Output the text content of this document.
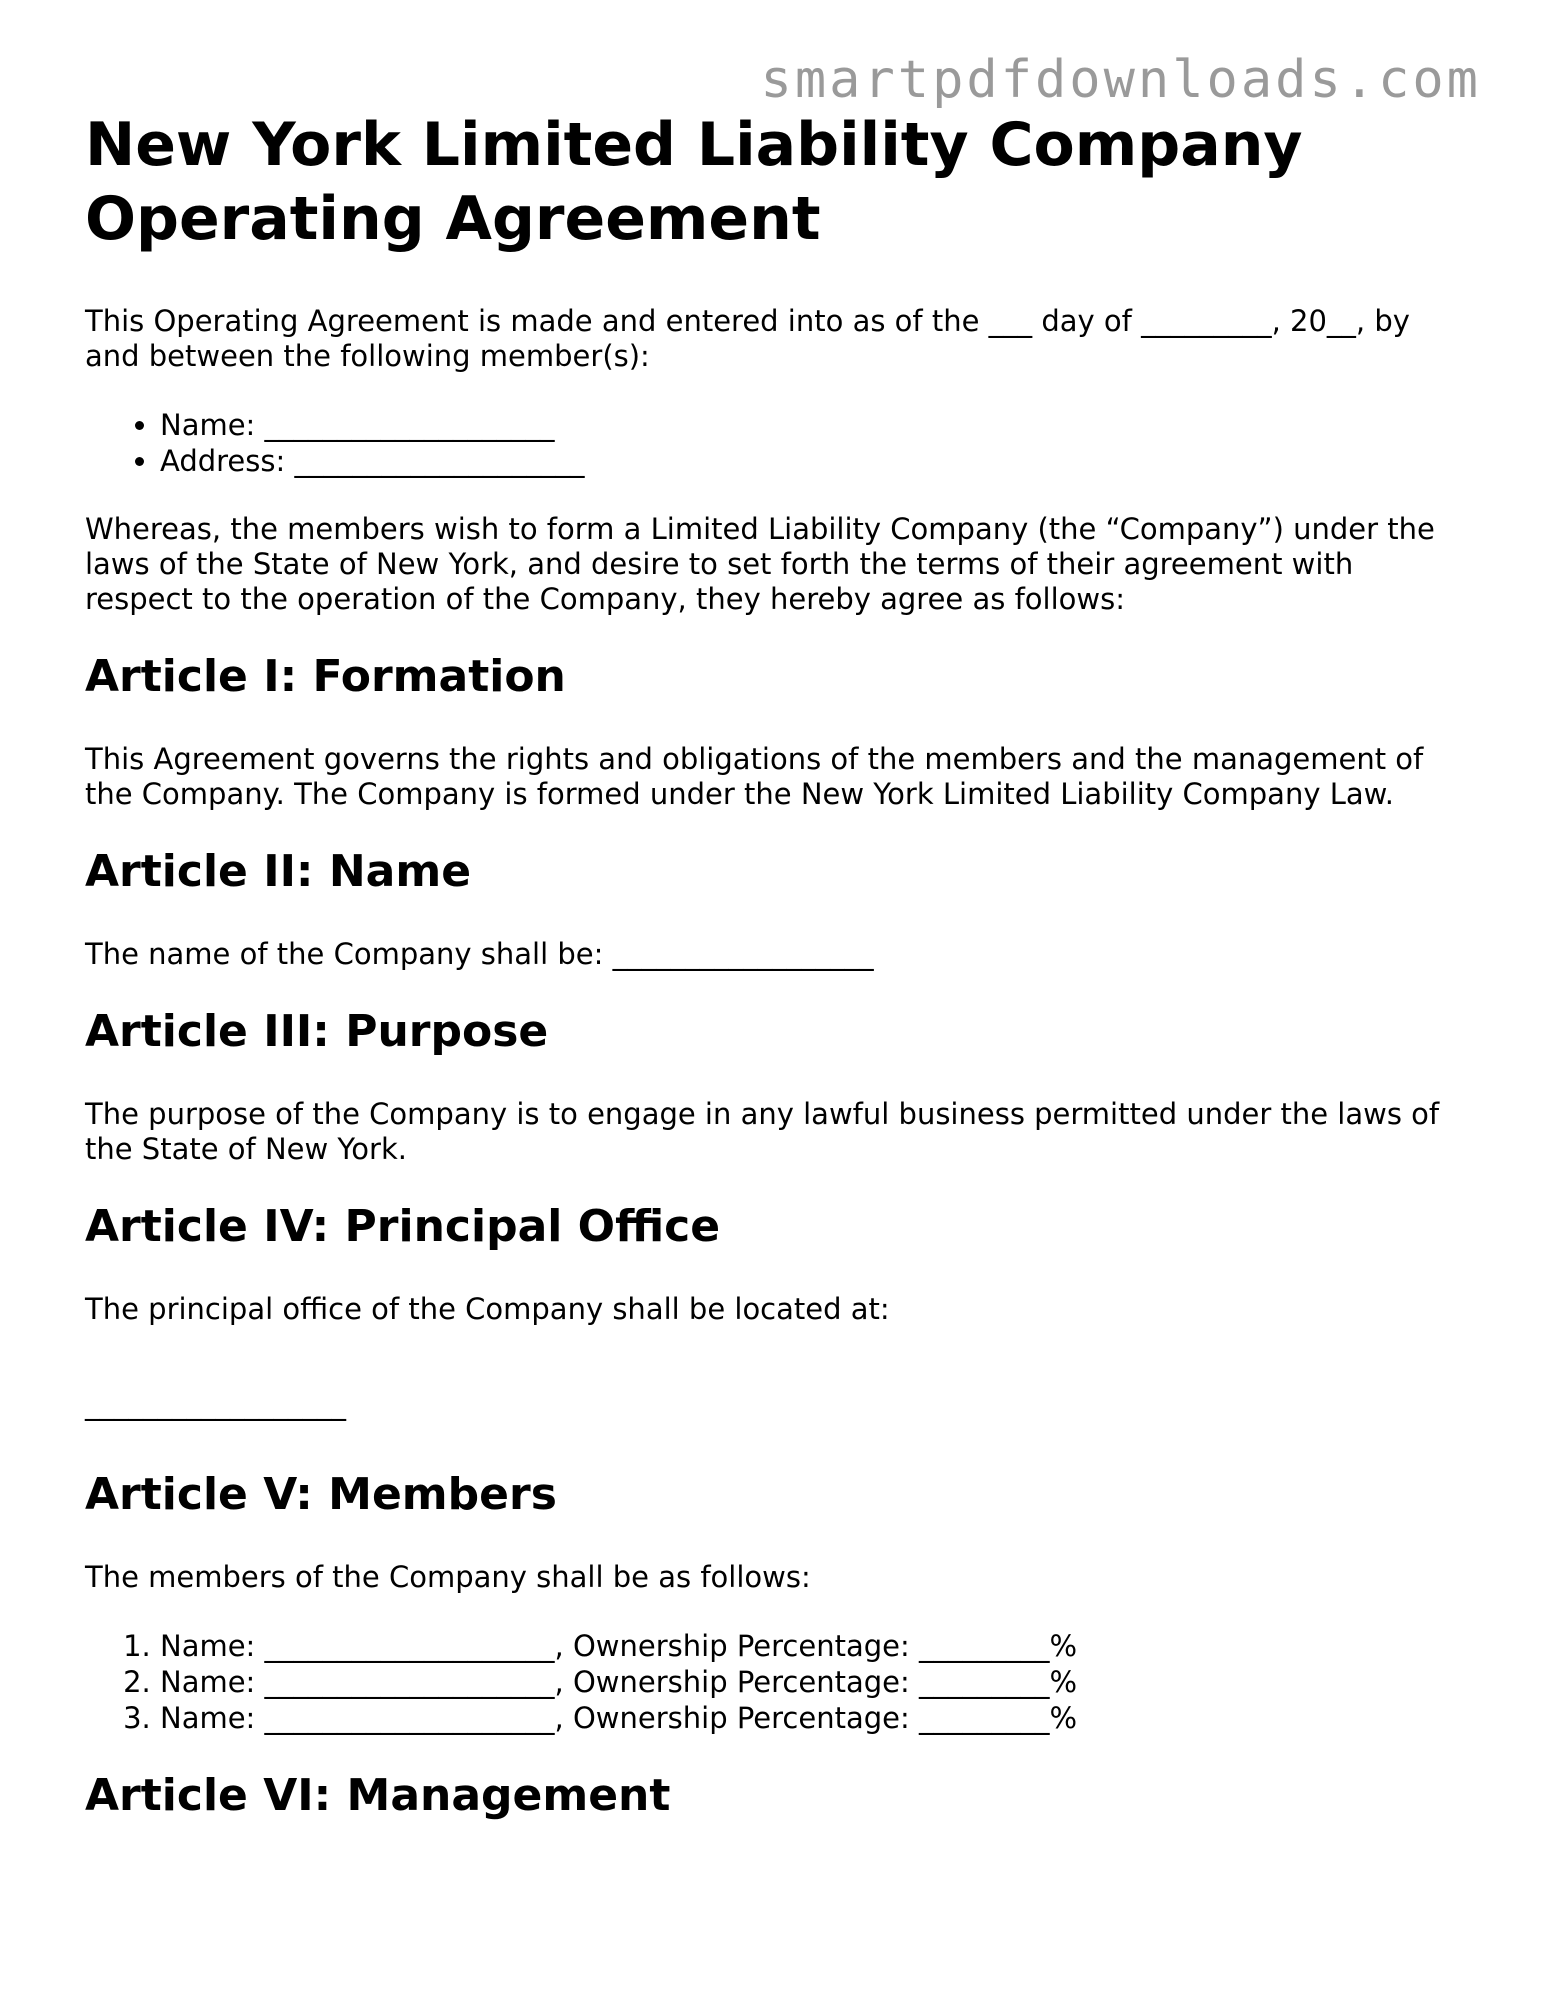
smartpdfdownloads.com
New York Limited Liability Company Operating Agreement

This Operating Agreement is made and entered into as of the ___ day of _________, 20__, by and between the following member(s):

• Name: ____________________
• Address: ____________________

Whereas, the members wish to form a Limited Liability Company (the “Company”) under the laws of the State of New York, and desire to set forth the terms of their agreement with respect to the operation of the Company, they hereby agree as follows:

Article I: Formation

This Agreement governs the rights and obligations of the members and the management of the Company. The Company is formed under the New York Limited Liability Company Law.

Article II: Name

The name of the Company shall be: __________________

Article III: Purpose

The purpose of the Company is to engage in any lawful business permitted under the laws of the State of New York.

Article IV: Principal Office

The principal office of the Company shall be located at:

__________________

Article V: Members

The members of the Company shall be as follows:

1. Name: ____________________, Ownership Percentage: _________%
2. Name: ____________________, Ownership Percentage: _________%
3. Name: ____________________, Ownership Percentage: _________%
Article VI: Management
